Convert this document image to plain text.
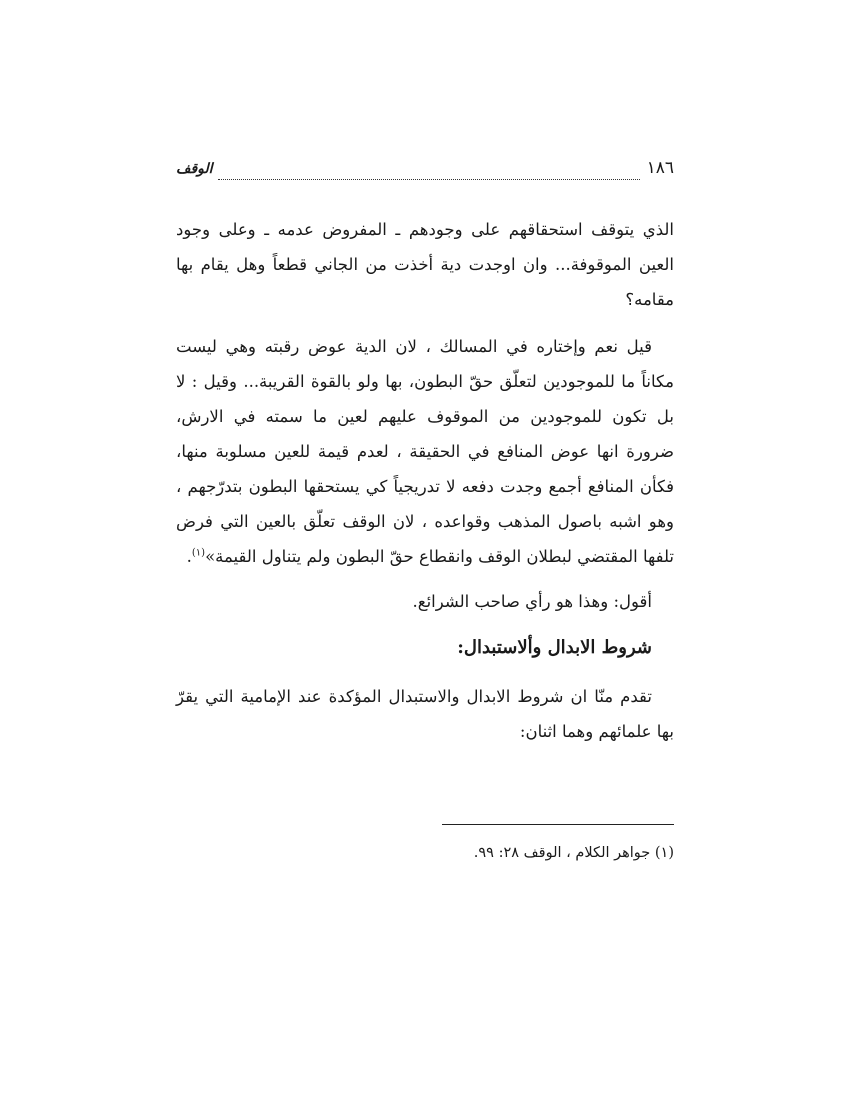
١٨٦
الوقف

الذي يتوقف استحقاقهم على وجودهم ـ المفروض عدمه ـ وعلى وجود العين الموقوفة... وان اوجدت دية أخذت من الجاني قطعاً وهل يقام بها مقامه؟

قيل نعم وإختاره في المسالك ، لان الدية عوض رقبته وهي ليست مكاناً ما للموجودين لتعلّق حقّ البطون، بها ولو بالقوة القريبة... وقيل : لا بل تكون للموجودين من الموقوف عليهم لعين ما سمته في الارش، ضرورة انها عوض المنافع في الحقيقة ، لعدم قيمة للعين مسلوبة منها، فكأن المنافع أجمع وجدت دفعه لا تدريجياً كي يستحقها البطون بتدرّجهم ، وهو اشبه باصول المذهب وقواعده ، لان الوقف تعلّق بالعين التي فرض تلفها المقتضي لبطلان الوقف وانقطاع حقّ البطون ولم يتناول القيمة»$^{(١)}$.

أقول: وهذا هو رأي صاحب الشرائع.

شروط الابدال وألاستبدال:

تقدم منّا ان شروط الابدال والاستبدال المؤكدة عند الإمامية التي يقرّ بها علمائهم وهما اثنان:

(١) جواهر الكلام ، الوقف ٢٨: ٩٩.
